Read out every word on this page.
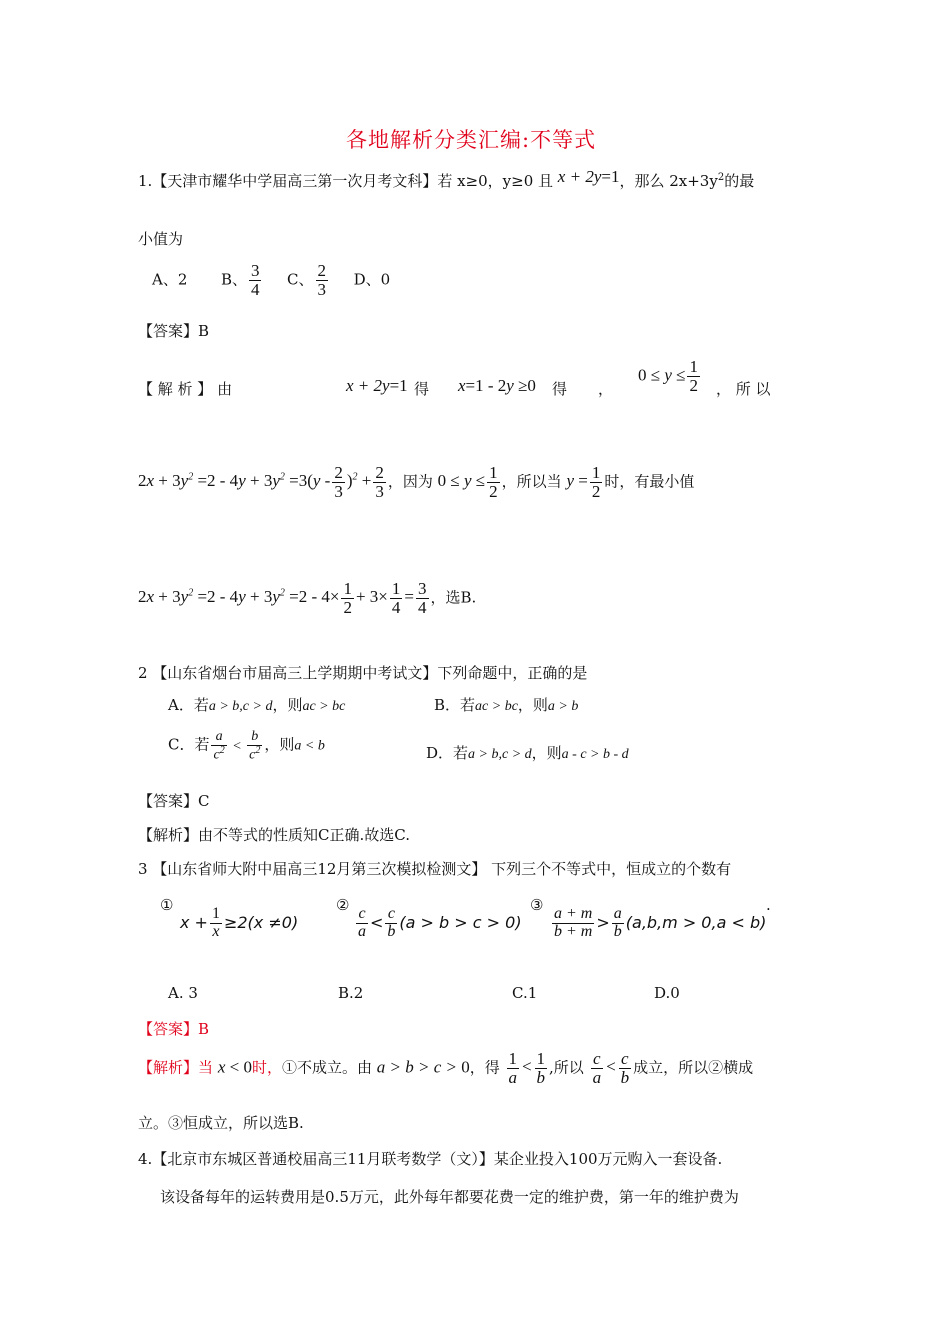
各地解析分类汇编:不等式
1.【天津市耀华中学届高三第一次月考文科】若 x≥0，y≥0 且 x + 2y=1，那么 $2x+3y^2$的最
小值为
A、2 B、 $\frac{3}{4}$ C、 $\frac{2}{3}$ D、0
【答案】B
【 解 析 】 由	x + 2y=1 得 x=1 - 2y ≥0 得 ，
$0 \le y \le \frac{1}{2}$ ， 所 以
$2x + 3y^2 =2 - 4y + 3y^2 =3(y - \frac{2}{3} )^2 + \frac{2}{3}$ ，因为 $0 \le y \le \frac{1}{2}$ ，所以当 $y = \frac{1}{2}$ 时，有最小值
$2x + 3y^2 =2 - 4y + 3y^2 =2 - 4\times \frac{1}{2} + 3\times \frac{1}{4} = \frac{3}{4}$ ，选B.
2 【山东省烟台市届高三上学期期中考试文】下列命题中，正确的是
A．若a > b,c > d，则ac > bc	B．若ac > bc，则a > b
C．若 $\frac{a}{c^2} < \frac{b}{c^2}$ ，则a < b	D．若a > b,c > d，则a - c > b - d
【答案】C
【解析】由不等式的性质知C正确.故选C.
3 【山东省师大附中届高三12月第三次模拟检测文】 下列三个不等式中，恒成立的个数有
①
$x + \frac{1}{x} \ge 2(x \ne 0)$
②
$\frac{c}{a} < \frac{c}{b} (a > b > c > 0)$
③
$\frac{a + m}{b + m} > \frac{a}{b} (a,b,m > 0,a < b)$
.
A. 3	B.2	C.1	D.0
【答案】B
【解析】当 x < 0时，①不成立。由 a > b > c > 0，得 $\frac{1}{a} < \frac{1}{b}$ ,所以 $\frac{c}{a} < \frac{c}{b}$ 成立，所以②横成
立。③恒成立，所以选B.
4.【北京市东城区普通校届高三11月联考数学（文）】某企业投入100万元购入一套设备.
该设备每年的运转费用是0.5万元，此外每年都要花费一定的维护费，第一年的维护费为
